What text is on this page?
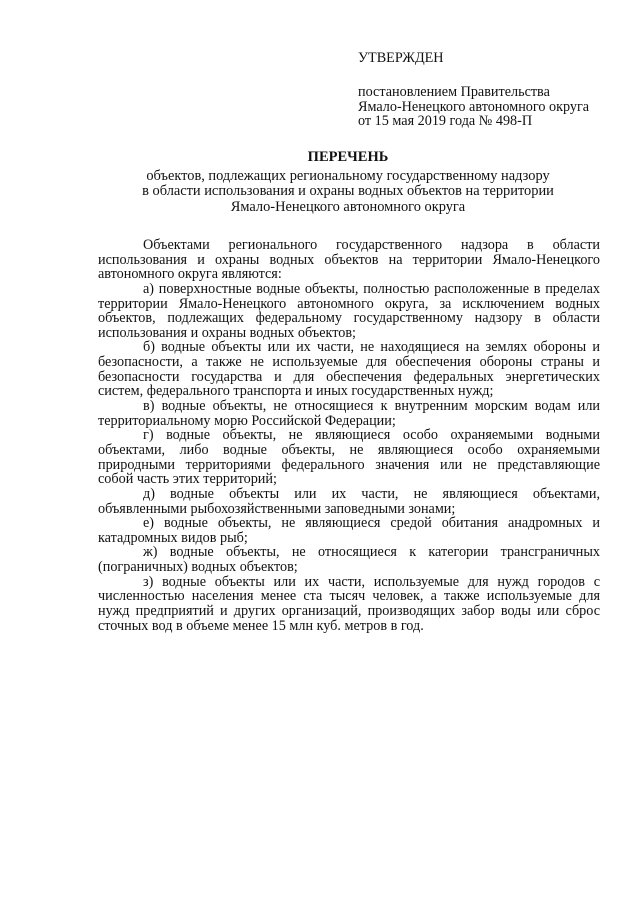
УТВЕРЖДЕН
постановлением Правительства
Ямало-Ненецкого автономного округа
от 15 мая 2019 года № 498-П
ПЕРЕЧЕНЬ
объектов, подлежащих региональному государственному надзору
в области использования и охраны водных объектов на территории
Ямало-Ненецкого автономного округа
Объектами регионального государственного надзора в области
использования и охраны водных объектов на территории Ямало-Ненецкого
автономного округа являются:
а) поверхностные водные объекты, полностью расположенные в пределах
территории Ямало-Ненецкого автономного округа, за исключением водных
объектов, подлежащих федеральному государственному надзору в области
использования и охраны водных объектов;
б) водные объекты или их части, не находящиеся на землях обороны и
безопасности, а также не используемые для обеспечения обороны страны и
безопасности государства и для обеспечения федеральных энергетических
систем, федерального транспорта и иных государственных нужд;
в) водные объекты, не относящиеся к внутренним морским водам или
территориальному морю Российской Федерации;
г) водные объекты, не являющиеся особо охраняемыми водными
объектами, либо водные объекты, не являющиеся особо охраняемыми
природными территориями федерального значения или не представляющие
собой часть этих территорий;
д) водные объекты или их части, не являющиеся объектами,
объявленными рыбохозяйственными заповедными зонами;
е) водные объекты, не являющиеся средой обитания анадромных и
катадромных видов рыб;
ж) водные объекты, не относящиеся к категории трансграничных
(пограничных) водных объектов;
з) водные объекты или их части, используемые для нужд городов с
численностью населения менее ста тысяч человек, а также используемые для
нужд предприятий и других организаций, производящих забор воды или сброс
сточных вод в объеме менее 15 млн куб. метров в год.
